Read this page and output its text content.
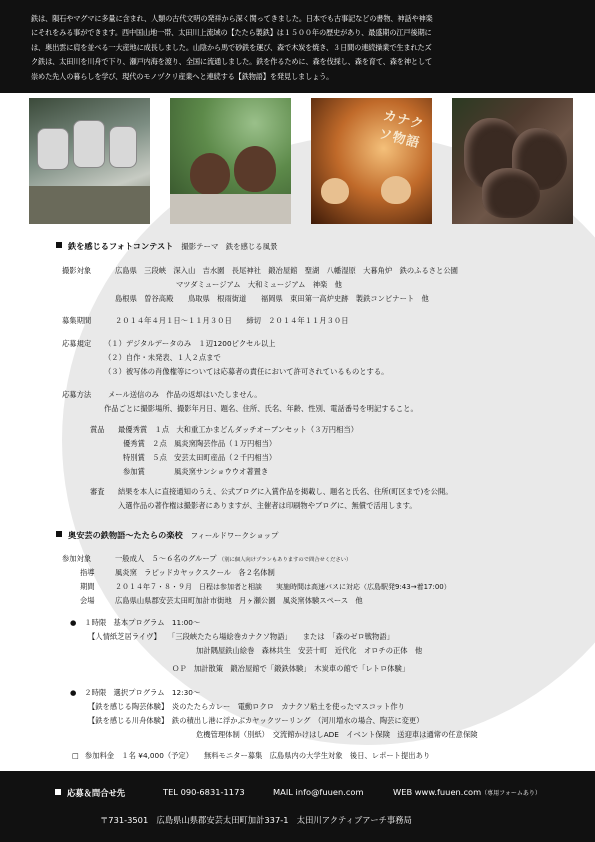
鉄は、隕石やマグマに多量に含まれ、人類の古代文明の発祥から深く関ってきました。日本でも古事記などの書物、神話や神楽
にそれをみる事ができます。西中国山地一帯、太田川上流域の【たたら製鉄】は１５００年の歴史があり、最盛期の江戸後期に
は、奥出雲に肩を並べる一大産地に成長しました。山陰から馬で砂鉄を運び、森で木炭を焼き、３日間の連続操業で生まれたズ
ク鉄は、太田川を川舟で下り、瀬戸内海を渡り、全国に流通しました。鉄を作るために、森を伐採し、森を育て、森を神として
崇めた先人の暮らしを学び、現代のモノヅクリ産業へと連続する【鉄物語】を発見しましょう。
カナクソ物語
鉄を感じるフォトコンテスト 撮影テーマ　鉄を感じる風景
撮影対象	広島県　三段峡　深入山　吉水園　長尾神社　鍛冶屋館　聖湖　八幡湿原　大暮角炉　鉄のふるさと公園
マツダミュージアム　大和ミュージアム　神楽　他
島根県　曽谷高殿　　鳥取県　根雨街道　　福岡県　東田第一高炉史跡　製鉄コンビナート　他
募集期間	２０１４年４月１日～１１月３０日　　締切　２０１４年１１月３０日
応募規定 （１）デジタルデータのみ　１辺1200ピクセル以上
（２）自作・未発表、１人２点まで
（３）被写体の肖像権等については応募者の責任において許可されているものとする。
応募方法 メール送信のみ　作品の返却はいたしません。
作品ごとに撮影場所、撮影年月日、題名、住所、氏名、年齢、性別、電話番号を明記すること。
賞品 最優秀賞　１点　大和重工かまどんダッチオーブンセット（３万円相当）
優秀賞　２点　風炎窯陶芸作品（１万円相当）
特別賞　５点　安芸太田町産品（２千円相当）
参加賞　　　　風炎窯サンショウウオ著置き
審査 結果を本人に直接通知のうえ、公式ブログに入賞作品を掲載し、題名と氏名、住所(町区まで)を公開。
入選作品の著作権は撮影者にありますが、主催者は印刷物やブログに、無償で活用します。
奥安芸の鉄物語～たたらの楽校 フィールドワークショップ
参加対象	一般成人　５～６名のグループ （別に個人向けプランもありますので問合せください）
指導	風炎窯　ラピッドカヤックスクール　各２名体制
期間	２０１４年７・８・９月　日程は参加者と相談　　実施時間は高速バスに対応（広島駅発9:43→着17:00）
会場	広島県山県郡安芸太田町加計市街地　月ヶ瀬公園　風炎窯体験スペース　他
● １時限　基本プログラム　11:00～
【人情紙芝居ライヴ】　　「三段峡たたら場絵巻カナクソ物語」　　または　「森のゼロ戦物語」
加計隅屋鉄山絵巻　森林共生　安芸十町　近代化　オロチの正体　他
ＯＰ　加計散策　鍛冶屋館で「鍛鉄体験」　木炭車の館で「レトロ体験」
● ２時限　選択プログラム　12:30～
【鉄を感じる陶芸体験】　炎のたたらカレー　電動ロクロ　カナクソ粘土を使ったマスコット作り
【鉄を感じる川舟体験】　鉄の積出し港に浮かぶカヤックツーリング　（河川増水の場合、陶芸に変更）
危機管理体制（別紙）　交流館かけはしADE　イベント保険　送迎車は通常の任意保険
□ 参加料金　１名 ¥4,000（予定）　　無料モニター募集　広島県内の大学生対象　後日、レポート提出あり
応募＆問合せ先	TEL 090-6831-1173	MAIL info@fuuen.com	WEB www.fuuen.com（専用フォームあり）
〒731-3501　広島県山県郡安芸太田町加計337-1　太田川アクティブアーチ事務局
